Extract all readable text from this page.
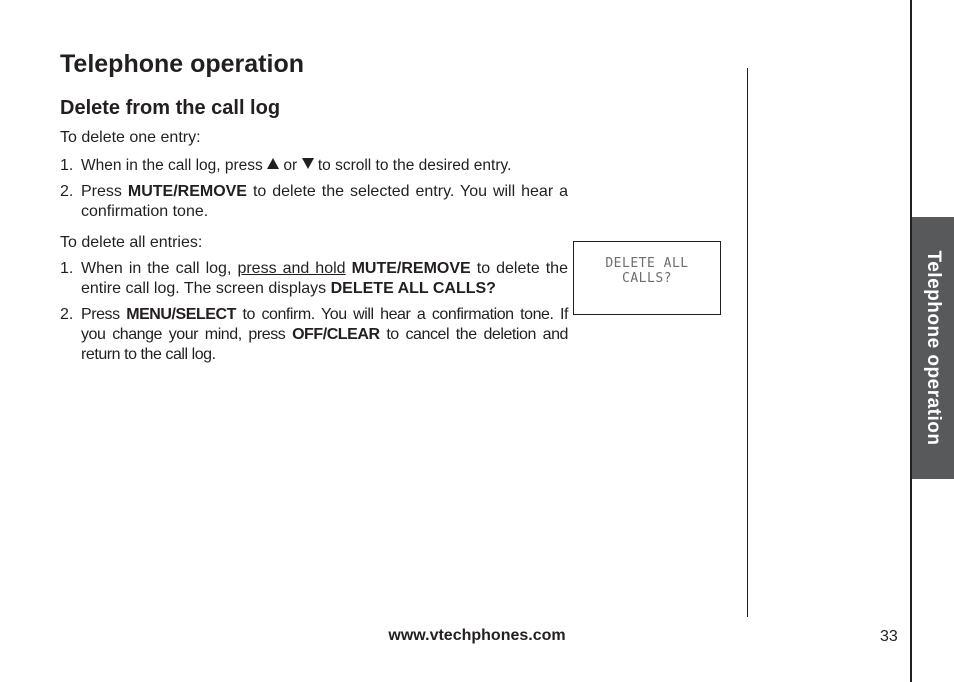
Telephone operation
Delete from the call log
To delete one entry:
1. When in the call log, press or to scroll to the desired entry.
2. Press MUTE/REMOVE to delete the selected entry. You will hear a confirmation tone.
To delete all entries:
1. When in the call log, press and hold MUTE/REMOVE to delete the entire call log. The screen displays DELETE ALL CALLS?
2. Press MENU/SELECT to confirm. You will hear a confirmation tone. If you change your mind, press OFF/CLEAR to cancel the deletion and return to the call log.
DELETE ALL
CALLS?	Telephone operation
www.vtechphones.com	33
